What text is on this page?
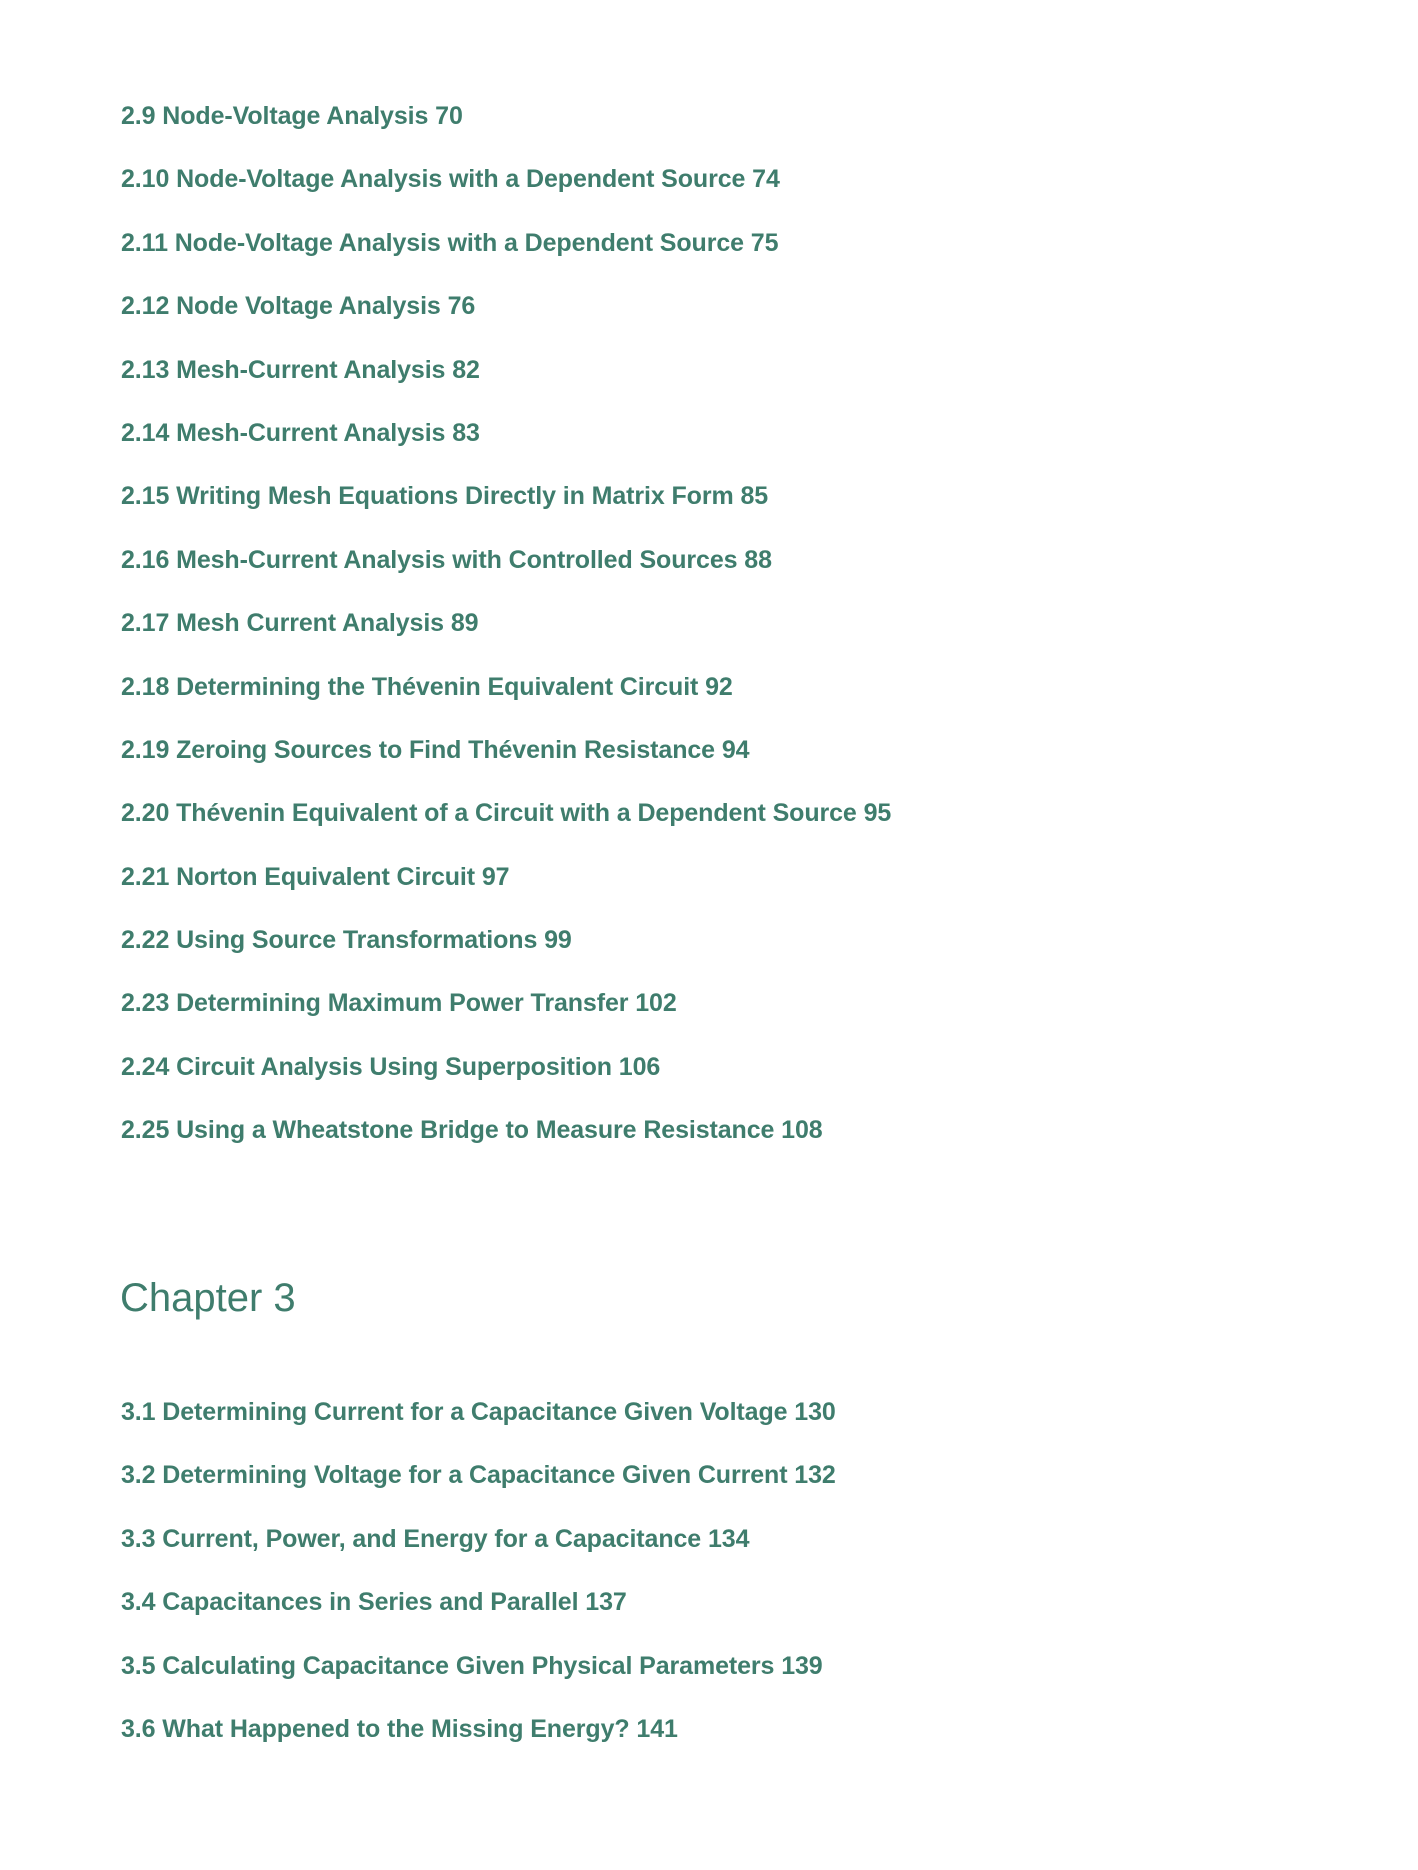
2.9 Node-Voltage Analysis 70
2.10 Node-Voltage Analysis with a Dependent Source 74
2.11 Node-Voltage Analysis with a Dependent Source 75
2.12 Node Voltage Analysis 76
2.13 Mesh-Current Analysis 82
2.14 Mesh-Current Analysis 83
2.15 Writing Mesh Equations Directly in Matrix Form 85
2.16 Mesh-Current Analysis with Controlled Sources 88
2.17 Mesh Current Analysis 89
2.18 Determining the Thévenin Equivalent Circuit 92
2.19 Zeroing Sources to Find Thévenin Resistance 94
2.20 Thévenin Equivalent of a Circuit with a Dependent Source 95
2.21 Norton Equivalent Circuit 97
2.22 Using Source Transformations 99
2.23 Determining Maximum Power Transfer 102
2.24 Circuit Analysis Using Superposition 106
2.25 Using a Wheatstone Bridge to Measure Resistance 108
Chapter 3
3.1 Determining Current for a Capacitance Given Voltage 130
3.2 Determining Voltage for a Capacitance Given Current 132
3.3 Current, Power, and Energy for a Capacitance 134
3.4 Capacitances in Series and Parallel 137
3.5 Calculating Capacitance Given Physical Parameters 139
3.6 What Happened to the Missing Energy? 141
